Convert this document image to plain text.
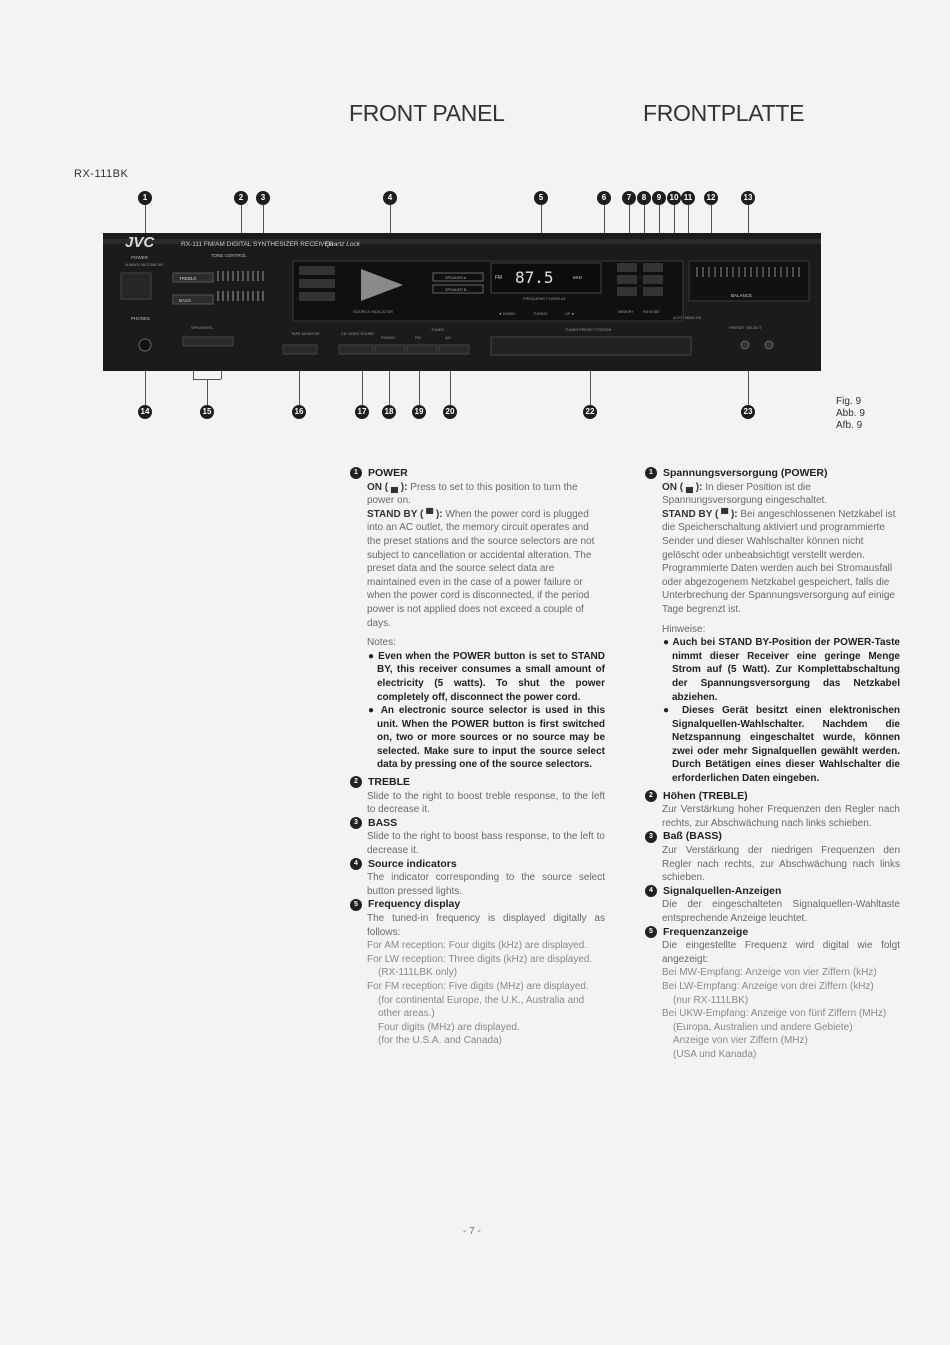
FRONT PANEL	FRONTPLATTE
RX-111BK
1	2	3	4	5	6	7	8	9	10 11	12	13
JVC	RX-111 FM/AM DIGITAL SYNTHESIZER RECEIVER
Quartz Lock
POWER
ALWAYS ON STAND BY
PHONES
TONE CONTROL
TREBLE
BASS
SPEAKER A
SPEAKER B
SOURCE INDICATOR
FM 87.5	MHz
FREQUENCY DISPLAY
◄ DOWN	TUNING	UP ►	MEMORY	FM MODE
AUTO / MONO ON
BALANCE
PRESET SELECT
SPEAKERS
TAPE MONITOR	CD VIDEO SOUND
PHONO
TUNER
FM	AM
TUNER PRESET STATION
14	15	16	17	18	19	20	22	23
Fig. 9
Abb. 9
Afb. 9
1 POWER

ON ( ▄ ): Press to set to this position to turn the power on.

STAND BY ( ▀ ): When the power cord is plugged into an AC outlet, the memory circuit operates and the preset stations and the source selectors are not subject to cancellation or accidental alteration. The preset data and the source select data are maintained even in the case of a power failure or when the power cord is disconnected, if the period power is not applied does not exceed a couple of days.

Notes:

● Even when the POWER button is set to STAND BY, this receiver consumes a small amount of electricity (5 watts). To shut the power completely off, disconnect the power cord.

● An electronic source selector is used in this unit. When the POWER button is first switched on, two or more sources or no source may be selected. Make sure to input the source select data by pressing one of the source selectors.

2 TREBLE

Slide to the right to boost treble response, to the left to decrease it.

3 BASS

Slide to the right to boost bass response, to the left to decrease it.

4 Source indicators

The indicator corresponding to the source select button pressed lights.

5 Frequency display

The tuned-in frequency is displayed digitally as follows:

For AM reception: Four digits (kHz) are displayed.

For LW reception: Three digits (kHz) are displayed.

(RX-111LBK only)

For FM reception: Five digits (MHz) are displayed.

(for continental Europe, the U.K., Australia and other areas.)

Four digits (MHz) are displayed.

(for the U.S.A. and Canada)

1 Spannungsversorgung (POWER)

ON ( ▄ ): In dieser Position ist die Spannungsversorgung eingeschaltet.

STAND BY ( ▀ ): Bei angeschlossenen Netzkabel ist die Speicherschaltung aktiviert und programmierte Sender und dieser Wahlschalter können nicht gelöscht oder unbeabsichtigt verstellt werden. Programmierte Daten werden auch bei Stromausfall oder abgezogenem Netzkabel gespeichert, falls die Unterbrechung der Spannungsversorgung auf einige Tage begrenzt ist.

Hinweise:

● Auch bei STAND BY-Position der POWER-Taste nimmt dieser Receiver eine geringe Menge Strom auf (5 Watt). Zur Komplettabschaltung der Spannungsversorgung das Netzkabel abziehen.

● Dieses Gerät besitzt einen elektronischen Signalquellen-Wahlschalter. Nachdem die Netzspannung eingeschaltet wurde, können zwei oder mehr Signalquellen gewählt werden. Durch Betätigen eines dieser Wahlschalter die erforderlichen Daten eingeben.

2 Höhen (TREBLE)

Zur Verstärkung hoher Frequenzen den Regler nach rechts, zur Abschwächung nach links schieben.

3 Baß (BASS)

Zur Verstärkung der niedrigen Frequenzen den Regler nach rechts, zur Abschwächung nach links schieben.

4 Signalquellen-Anzeigen

Die der eingeschalteten Signalquellen-Wahltaste entsprechende Anzeige leuchtet.

5 Frequenzanzeige

Die eingestellte Frequenz wird digital wie folgt angezeigt:

Bei MW-Empfang: Anzeige von vier Ziffern (kHz)

Bei LW-Empfang: Anzeige von drei Ziffern (kHz)

(nur RX-111LBK)

Bei UKW-Empfang: Anzeige von fünf Ziffern (MHz)

(Europa, Australien und andere Gebiete)

Anzeige von vier Ziffern (MHz)

(USA und Kanada)

- 7 -
